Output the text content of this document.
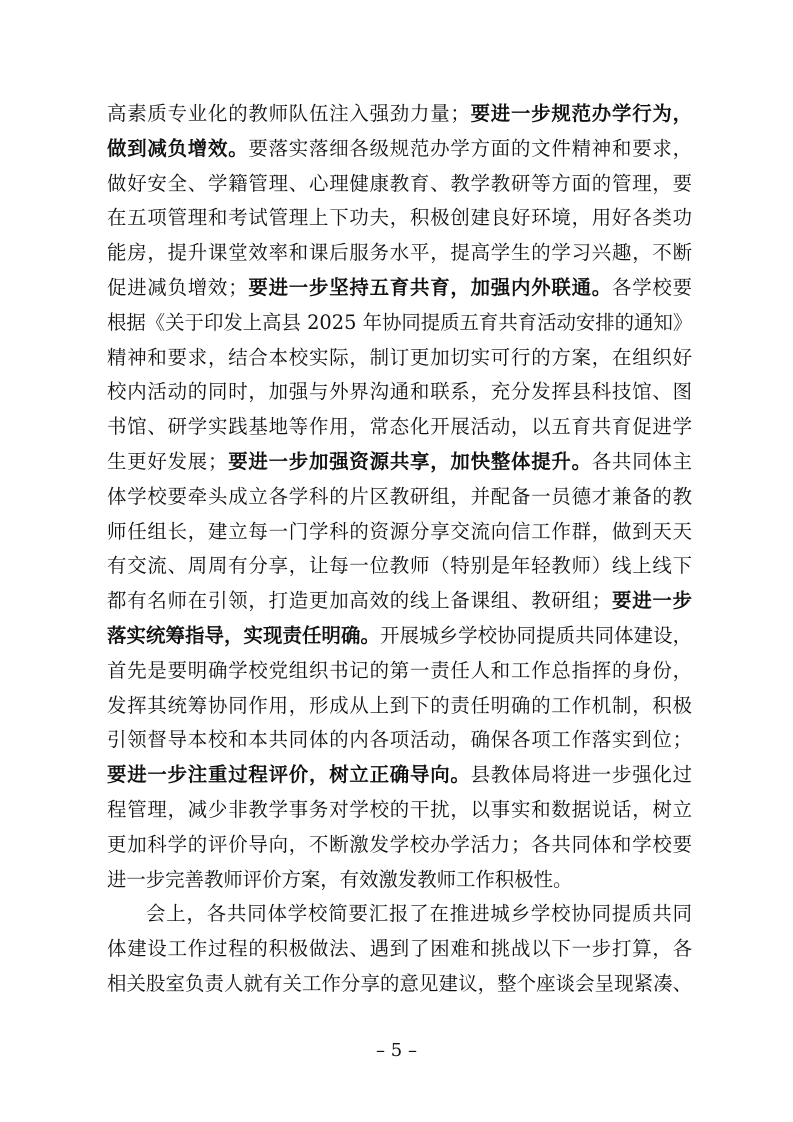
高素质专业化的教师队伍注入强劲力量；要进一步规范办学行为，
做到减负增效。要落实落细各级规范办学方面的文件精神和要求，
做好安全、学籍管理、心理健康教育、教学教研等方面的管理，要
在五项管理和考试管理上下功夫，积极创建良好环境，用好各类功
能房，提升课堂效率和课后服务水平，提高学生的学习兴趣，不断
促进减负增效；要进一步坚持五育共育，加强内外联通。各学校要
根据《关于印发上高县 2025 年协同提质五育共育活动安排的通知》
精神和要求，结合本校实际，制订更加切实可行的方案，在组织好
校内活动的同时，加强与外界沟通和联系，充分发挥县科技馆、图
书馆、研学实践基地等作用，常态化开展活动，以五育共育促进学
生更好发展；要进一步加强资源共享，加快整体提升。各共同体主
体学校要牵头成立各学科的片区教研组，并配备一员德才兼备的教
师任组长，建立每一门学科的资源分享交流向信工作群，做到天天
有交流、周周有分享，让每一位教师（特别是年轻教师）线上线下
都有名师在引领，打造更加高效的线上备课组、教研组；要进一步
落实统筹指导，实现责任明确。开展城乡学校协同提质共同体建设，
首先是要明确学校党组织书记的第一责任人和工作总指挥的身份，
发挥其统筹协同作用，形成从上到下的责任明确的工作机制，积极
引领督导本校和本共同体的内各项活动，确保各项工作落实到位；
要进一步注重过程评价，树立正确导向。县教体局将进一步强化过
程管理，减少非教学事务对学校的干扰，以事实和数据说话，树立
更加科学的评价导向，不断激发学校办学活力；各共同体和学校要
进一步完善教师评价方案，有效激发教师工作积极性。
会上，各共同体学校简要汇报了在推进城乡学校协同提质共同
体建设工作过程的积极做法、遇到了困难和挑战以下一步打算，各
相关股室负责人就有关工作分享的意见建议，整个座谈会呈现紧凑、
– 5 –
